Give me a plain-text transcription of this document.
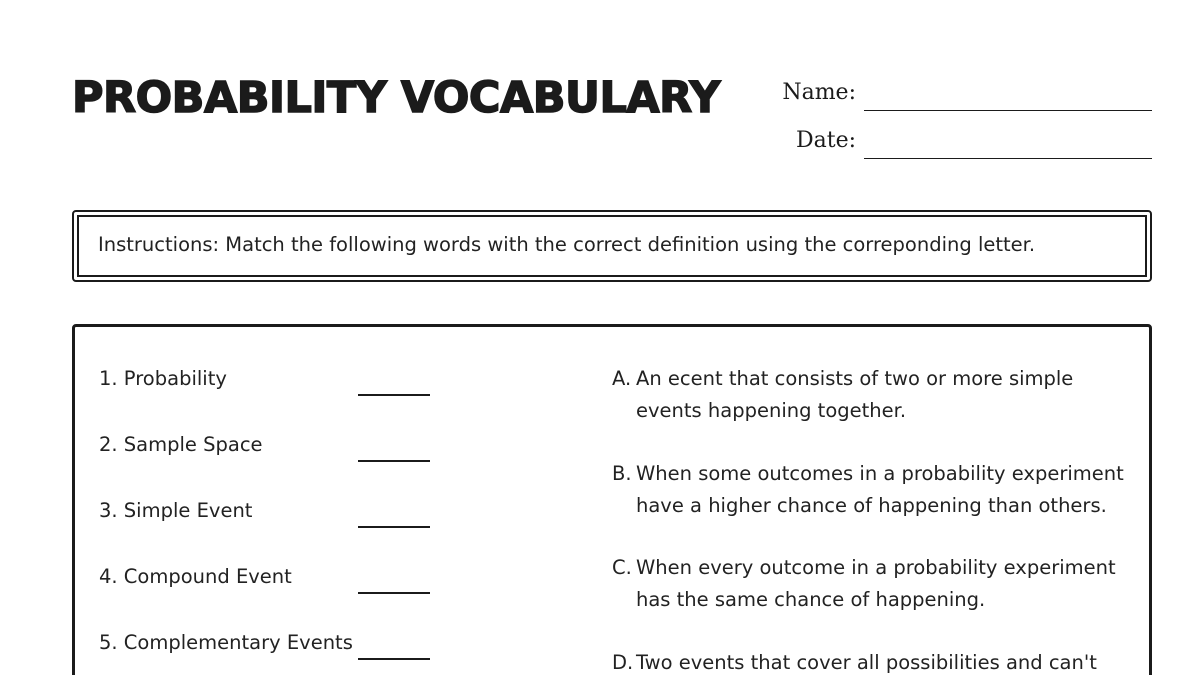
PROBABILITY VOCABULARY	Name:
Date:
Instructions: Match the following words with the correct definition using the correponding letter.
1. Probability
2. Sample Space
3. Simple Event
4. Compound Event
5. Complementary Events
A. An ecent that consists of two or more simple events happening together.
B. When some outcomes in a probability experiment have a higher chance of happening than others.
C. When every outcome in a probability experiment has the same chance of happening.
D. Two events that cover all possibilities and can't
